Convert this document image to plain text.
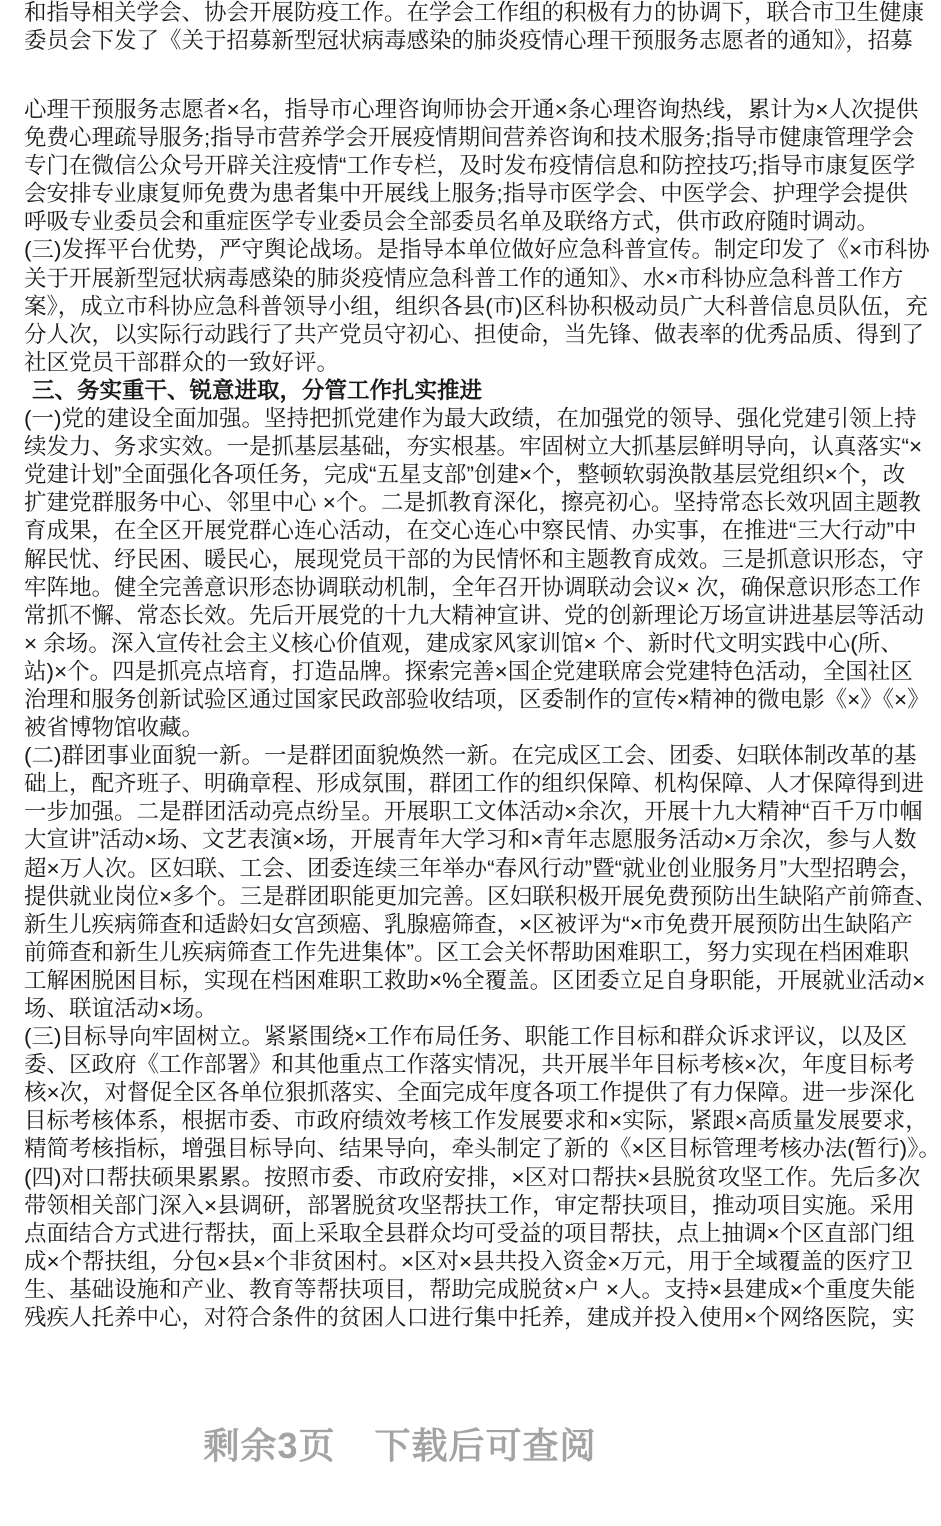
和指导相关学会、协会开展防疫工作。在学会工作组的积极有力的协调下，联合市卫生健康
委员会下发了《关于招募新型冠状病毒感染的肺炎疫情心理干预服务志愿者的通知》，招募
心理干预服务志愿者×名，指导市心理咨询师协会开通×条心理咨询热线，累计为×人次提供
免费心理疏导服务;指导市营养学会开展疫情期间营养咨询和技术服务;指导市健康管理学会
专门在微信公众号开辟关注疫情“工作专栏，及时发布疫情信息和防控技巧;指导市康复医学
会安排专业康复师免费为患者集中开展线上服务;指导市医学会、中医学会、护理学会提供
呼吸专业委员会和重症医学专业委员会全部委员名单及联络方式，供市政府随时调动。
(三)发挥平台优势，严守舆论战场。是指导本单位做好应急科普宣传。制定印发了《×市科协
关于开展新型冠状病毒感染的肺炎疫情应急科普工作的通知》、水×市科协应急科普工作方
案》，成立市科协应急科普领导小组，组织各县(市)区科协积极动员广大科普信息员队伍，充
分人次，以实际行动践行了共产党员守初心、担使命，当先锋、做表率的优秀品质、得到了
社区党员干部群众的一致好评。
三、务实重干、锐意进取，分管工作扎实推进
(一)党的建设全面加强。坚持把抓党建作为最大政绩，在加强党的领导、强化党建引领上持
续发力、务求实效。一是抓基层基础，夯实根基。牢固树立大抓基层鲜明导向，认真落实“×
党建计划”全面强化各项任务，完成“五星支部”创建×个，整顿软弱涣散基层党组织×个，改
扩建党群服务中心、邻里中心 ×个。二是抓教育深化，擦亮初心。坚持常态长效巩固主题教
育成果，在全区开展党群心连心活动，在交心连心中察民情、办实事，在推进“三大行动”中
解民忧、纾民困、暖民心，展现党员干部的为民情怀和主题教育成效。三是抓意识形态，守
牢阵地。健全完善意识形态协调联动机制，全年召开协调联动会议× 次，确保意识形态工作
常抓不懈、常态长效。先后开展党的十九大精神宣讲、党的创新理论万场宣讲进基层等活动
× 余场。深入宣传社会主义核心价值观，建成家风家训馆× 个、新时代文明实践中心(所、
站)×个。四是抓亮点培育，打造品牌。探索完善×国企党建联席会党建特色活动，全国社区
治理和服务创新试验区通过国家民政部验收结项，区委制作的宣传×精神的微电影《×》《×》
被省博物馆收藏。
(二)群团事业面貌一新。一是群团面貌焕然一新。在完成区工会、团委、妇联体制改革的基
础上，配齐班子、明确章程、形成氛围，群团工作的组织保障、机构保障、人才保障得到进
一步加强。二是群团活动亮点纷呈。开展职工文体活动×余次，开展十九大精神“百千万巾帼
大宣讲”活动×场、文艺表演×场，开展青年大学习和×青年志愿服务活动×万余次，参与人数
超×万人次。区妇联、工会、团委连续三年举办“春风行动”暨“就业创业服务月”大型招聘会，
提供就业岗位×多个。三是群团职能更加完善。区妇联积极开展免费预防出生缺陷产前筛查、
新生儿疾病筛查和适龄妇女宫颈癌、乳腺癌筛查，×区被评为“×市免费开展预防出生缺陷产
前筛查和新生儿疾病筛查工作先进集体”。区工会关怀帮助困难职工，努力实现在档困难职
工解困脱困目标，实现在档困难职工救助×%全覆盖。区团委立足自身职能，开展就业活动×
场、联谊活动×场。
(三)目标导向牢固树立。紧紧围绕×工作布局任务、职能工作目标和群众诉求评议，以及区
委、区政府《工作部署》和其他重点工作落实情况，共开展半年目标考核×次，年度目标考
核×次，对督促全区各单位狠抓落实、全面完成年度各项工作提供了有力保障。进一步深化
目标考核体系，根据市委、市政府绩效考核工作发展要求和×实际，紧跟×高质量发展要求，
精简考核指标，增强目标导向、结果导向，牵头制定了新的《×区目标管理考核办法(暂行)》。
(四)对口帮扶硕果累累。按照市委、市政府安排，×区对口帮扶×县脱贫攻坚工作。先后多次
带领相关部门深入×县调研，部署脱贫攻坚帮扶工作，审定帮扶项目，推动项目实施。采用
点面结合方式进行帮扶，面上采取全县群众均可受益的项目帮扶，点上抽调×个区直部门组
成×个帮扶组，分包×县×个非贫困村。×区对×县共投入资金×万元，用于全域覆盖的医疗卫
生、基础设施和产业、教育等帮扶项目，帮助完成脱贫×户 ×人。支持×县建成×个重度失能
残疾人托养中心，对符合条件的贫困人口进行集中托养，建成并投入使用×个网络医院，实
剩余3页 下载后可查阅
